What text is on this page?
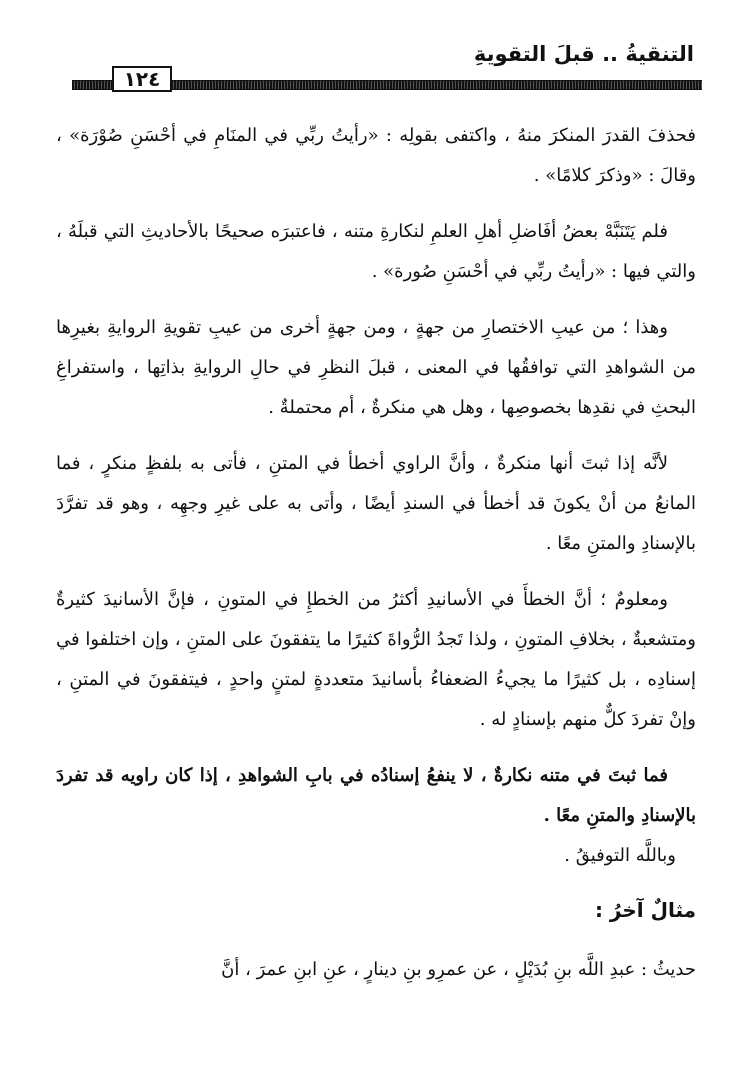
التنقيةُ .. قبلَ التقويةِ
١٢٤

فحذفَ القدرَ المنكرَ منهُ ، واكتفى بقولِه : «رأيتُ ربِّي في المنَامِ في أحْسَنِ صُوْرَة» ، وقالَ : «وذكرَ كلامًا» .

فلم يَتَنَبَّهْ بعضُ أفَاضلِ أهلِ العلمِ لنكارةِ متنه ، فاعتبرَه صحيحًا بالأحاديثِ التي قبلَهُ ، والتي فيها : «رأيتُ ربِّي في أحْسَنِ صُورة» .

وهذا ؛ من عيبِ الاختصارِ من جهةٍ ، ومن جهةٍ أخرى من عيبِ تقويةِ الروايةِ بغيرِها من الشواهدِ التي توافقُها في المعنى ، قبلَ النظرِ في حالِ الروايةِ بذاتِها ، واستفراغِ البحثِ في نقدِها بخصوصِها ، وهل هي منكرةٌ ، أم محتملةٌ .

لأنَّه إذا ثبتَ أنها منكرةٌ ، وأنَّ الراوي أخطأ في المتنِ ، فأتى به بلفظٍ منكرٍ ، فما المانعُ من أنْ يكونَ قد أخطأ في السندِ أيضًا ، وأتى به على غيرِ وجهِه ، وهو قد تفرَّدَ بالإسنادِ والمتنِ معًا .

ومعلومٌ ؛ أنَّ الخطأَ في الأسانيدِ أكثرُ من الخطإِ في المتونِ ، فإنَّ الأسانيدَ كثيرةٌ ومتشعبةٌ ، بخلافِ المتونِ ، ولذا تَجدُ الرُّواةَ كثيرًا ما يتفقونَ على المتنِ ، وإن اختلفوا في إسنادِه ، بل كثيرًا ما يجيءُ الضعفاءُ بأسانيدَ متعددةٍ لمتنٍ واحدٍ ، فيتفقونَ في المتنِ ، وإنْ تفردَ كلٌّ منهم بإسنادٍ له .

فما ثبتَ في متنه نكارةٌ ، لا ينفعُ إسنادُه في بابِ الشواهدِ ، إذا كان راويه قد تفردَ بالإسنادِ والمتنِ معًا .

وباللَّه التوفيقُ .

مثالٌ آخرُ :

حديثُ : عبدِ اللَّه بنِ بُدَيْلٍ ، عن عمرِو بنِ دينارٍ ، عنِ ابنِ عمرَ ، أنَّ
